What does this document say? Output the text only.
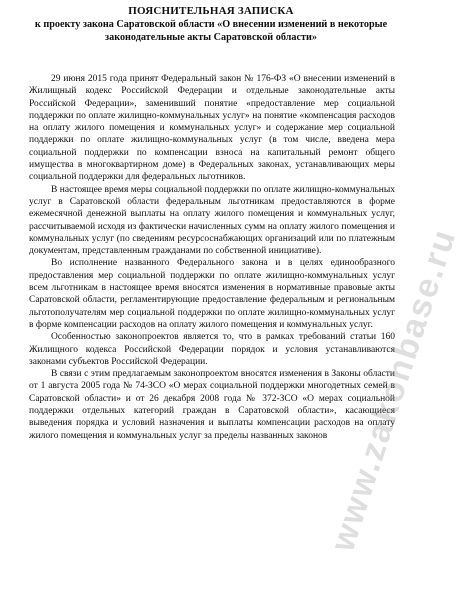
ПОЯСНИТЕЛЬНАЯ ЗАПИСКА
к проекту закона Саратовской области «О внесении изменений в некоторые законодательные акты Саратовской области»

29 июня 2015 года принят Федеральный закон № 176-ФЗ «О внесении изменений в Жилищный кодекс Российской Федерации и отдельные законодательные акты Российской Федерации», заменивший понятие «предоставление мер социальной поддержки по оплате жилищно-коммунальных услуг» на понятие «компенсация расходов на оплату жилого помещения и коммунальных услуг» и содержание мер социальной поддержки по оплате жилищно-коммунальных услуг (в том числе, введена мера социальной поддержки по компенсации взноса на капитальный ремонт общего имущества в многоквартирном доме) в Федеральных законах, устанавливающих меры социальной поддержки для федеральных льготников.

В настоящее время меры социальной поддержки по оплате жилищно-коммунальных услуг в Саратовской области федеральным льготникам предоставляются в форме ежемесячной денежной выплаты на оплату жилого помещения и коммунальных услуг, рассчитываемой исходя из фактически начисленных сумм на оплату жилого помещения и коммунальных услуг (по сведениям ресурсоснабжающих организаций или по платежным документам, представленным гражданами по собственной инициативе).

Во исполнение названного Федерального закона и в целях единообразного предоставления мер социальной поддержки по оплате жилищно-коммунальных услуг всем льготникам в настоящее время вносятся изменения в нормативные правовые акты Саратовской области, регламентирующие предоставление федеральным и региональным льготополучателям мер социальной поддержки по оплате жилищно-коммунальных услуг в форме компенсации расходов на оплату жилого помещения и коммунальных услуг.

Особенностью законопроектов является то, что в рамках требований статьи 160 Жилищного кодекса Российской Федерации порядок и условия устанавливаются законами субъектов Российской Федерации.

В связи с этим предлагаемым законопроектом вносятся изменения в Законы области от 1 августа 2005 года № 74-ЗСО «О мерах социальной поддержки многодетных семей в Саратовской области» и от 26 декабря 2008 года № 372-ЗСО «О мерах социальной поддержки отдельных категорий граждан в Саратовской области», касающиеся выведения порядка и условий назначения и выплаты компенсации расходов на оплату жилого помещения и коммунальных услуг за пределы названных законов

www.zakonbase.ru
